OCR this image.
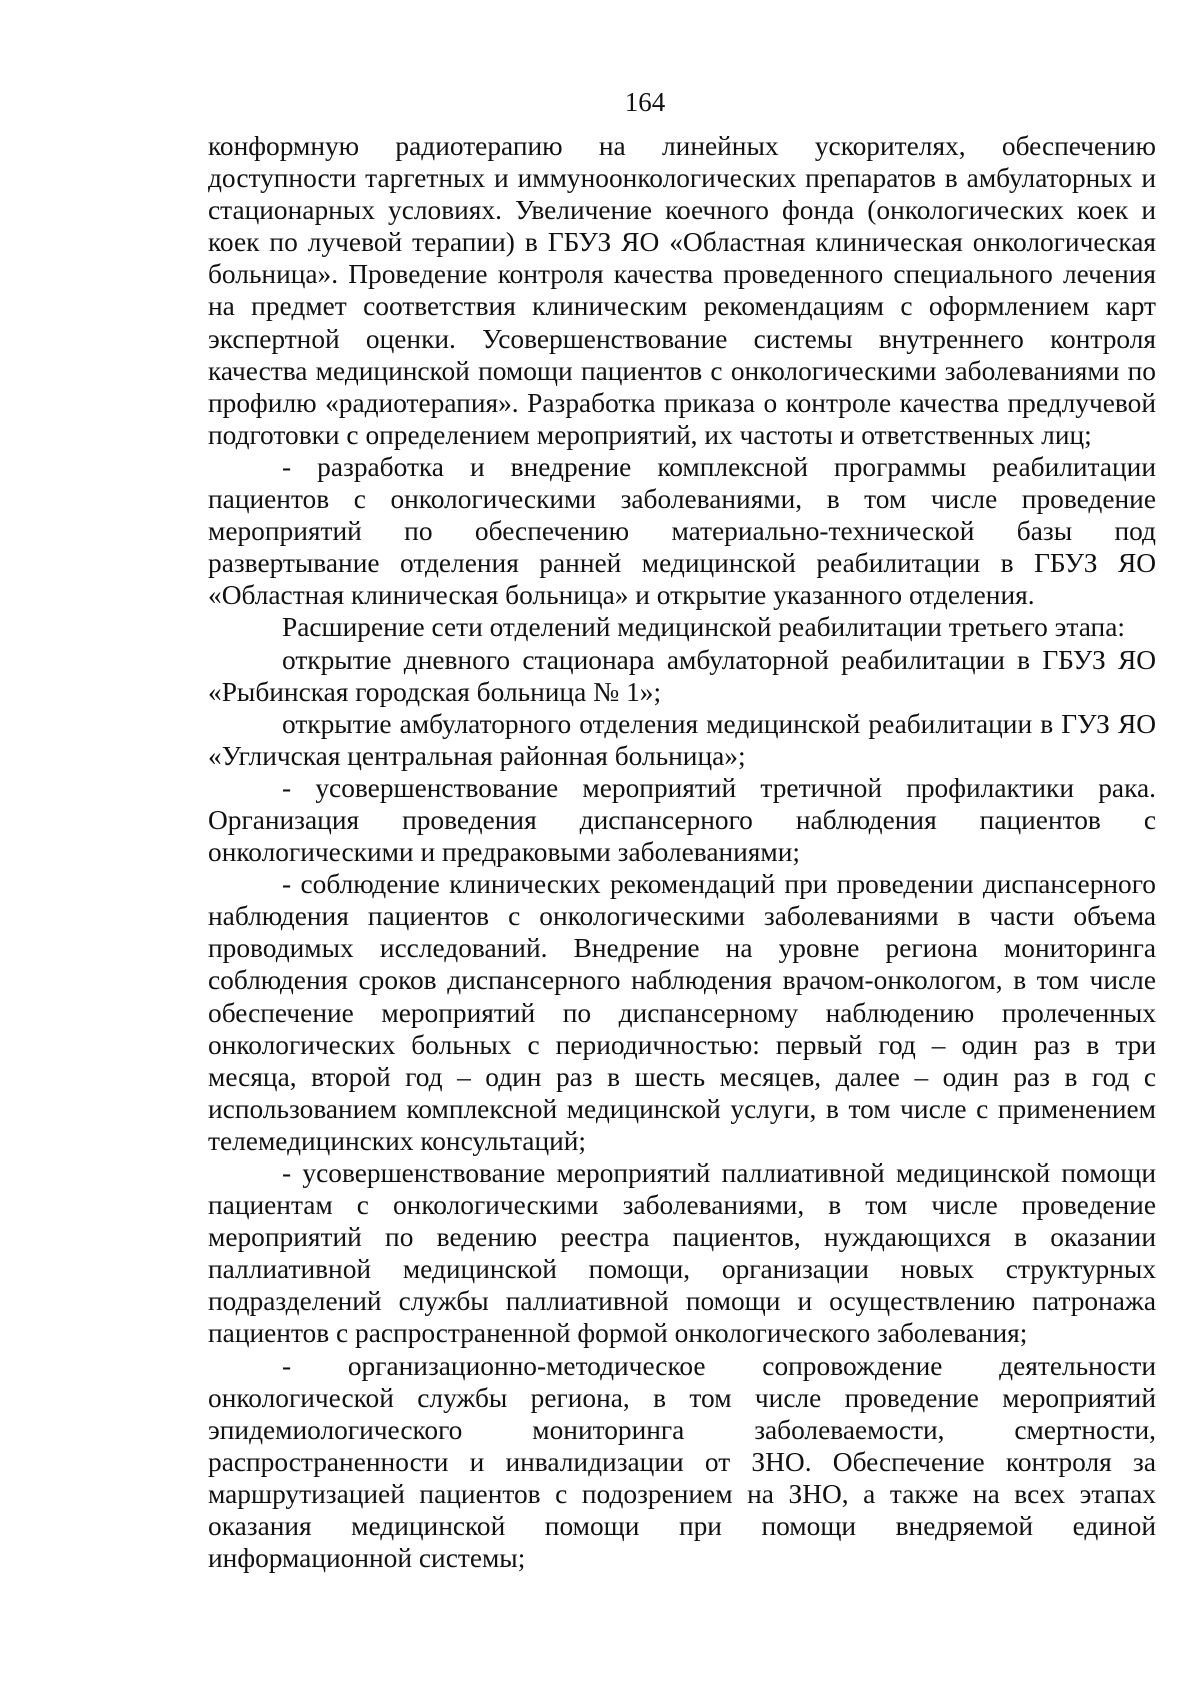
164

конформную радиотерапию на линейных ускорителях, обеспечению доступности таргетных и иммуноонкологических препаратов в амбулаторных и стационарных условиях. Увеличение коечного фонда (онкологических коек и коек по лучевой терапии) в ГБУЗ ЯО «Областная клиническая онкологическая больница». Проведение контроля качества проведенного специального лечения на предмет соответствия клиническим рекомендациям с оформлением карт экспертной оценки. Усовершенствование системы внутреннего контроля качества медицинской помощи пациентов с онкологическими заболеваниями по профилю «радиотерапия». Разработка приказа о контроле качества предлучевой подготовки с определением мероприятий, их частоты и ответственных лиц;

- разработка и внедрение комплексной программы реабилитации пациентов с онкологическими заболеваниями, в том числе проведение мероприятий по обеспечению материально-технической базы под развертывание отделения ранней медицинской реабилитации в ГБУЗ ЯО «Областная клиническая больница» и открытие указанного отделения.

Расширение сети отделений медицинской реабилитации третьего этапа:

открытие дневного стационара амбулаторной реабилитации в ГБУЗ ЯО «Рыбинская городская больница № 1»;

открытие амбулаторного отделения медицинской реабилитации в ГУЗ ЯО «Угличская центральная районная больница»;

- усовершенствование мероприятий третичной профилактики рака. Организация проведения диспансерного наблюдения пациентов с онкологическими и предраковыми заболеваниями;

- соблюдение клинических рекомендаций при проведении диспансерного наблюдения пациентов с онкологическими заболеваниями в части объема проводимых исследований. Внедрение на уровне региона мониторинга соблюдения сроков диспансерного наблюдения врачом-онкологом, в том числе обеспечение мероприятий по диспансерному наблюдению пролеченных онкологических больных с периодичностью: первый год – один раз в три месяца, второй год – один раз в шесть месяцев, далее – один раз в год с использованием комплексной медицинской услуги, в том числе с применением телемедицинских консультаций;

- усовершенствование мероприятий паллиативной медицинской помощи пациентам с онкологическими заболеваниями, в том числе проведение мероприятий по ведению реестра пациентов, нуждающихся в оказании паллиативной медицинской помощи, организации новых структурных подразделений службы паллиативной помощи и осуществлению патронажа пациентов с распространенной формой онкологического заболевания;

- организационно-методическое сопровождение деятельности онкологической службы региона, в том числе проведение мероприятий эпидемиологического мониторинга заболеваемости, смертности, распространенности и инвалидизации от ЗНО. Обеспечение контроля за маршрутизацией пациентов с подозрением на ЗНО, а также на всех этапах оказания медицинской помощи при помощи внедряемой единой информационной системы;
